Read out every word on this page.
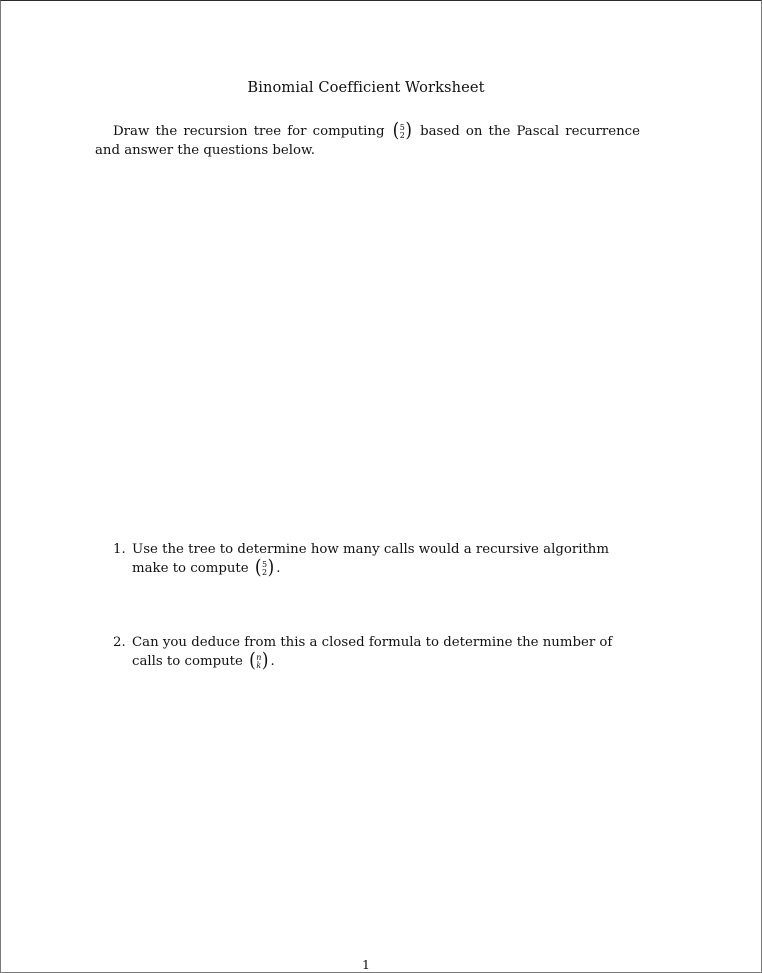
Binomial Coefficient Worksheet
Draw the recursion tree for computing ( 5
2 ) based on the Pascal recurrence and answer the questions below.
1. Use the tree to determine how many calls would a recursive algorithm make to compute ( 5
2 ) .
2. Can you deduce from this a closed formula to determine the number of calls to compute ( n
k ) .
1
